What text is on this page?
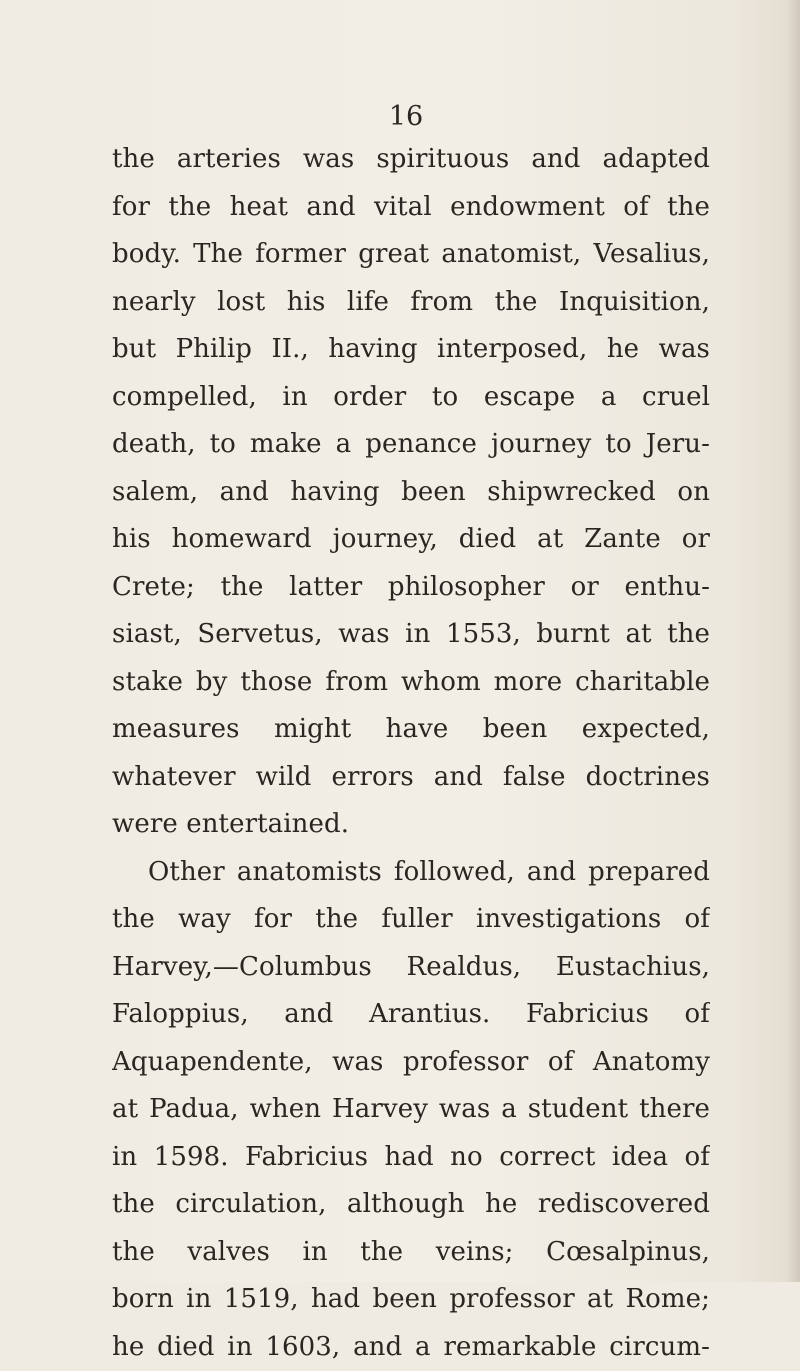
16
the arteries was spirituous and adapted
for the heat and vital endowment of the
body. The former great anatomist, Vesalius,
nearly lost his life from the Inquisition,
but Philip II., having interposed, he was
compelled, in order to escape a cruel
death, to make a penance journey to Jeru-
salem, and having been shipwrecked on
his homeward journey, died at Zante or
Crete; the latter philosopher or enthu-
siast, Servetus, was in 1553, burnt at the
stake by those from whom more charitable
measures might have been expected,
whatever wild errors and false doctrines
were entertained.
Other anatomists followed, and prepared
the way for the fuller investigations of
Harvey,—Columbus Realdus, Eustachius,
Faloppius, and Arantius. Fabricius of
Aquapendente, was professor of Anatomy
at Padua, when Harvey was a student there
in 1598. Fabricius had no correct idea of
the circulation, although he rediscovered
the valves in the veins; Cœsalpinus,
born in 1519, had been professor at Rome;
he died in 1603, and a remarkable circum-
